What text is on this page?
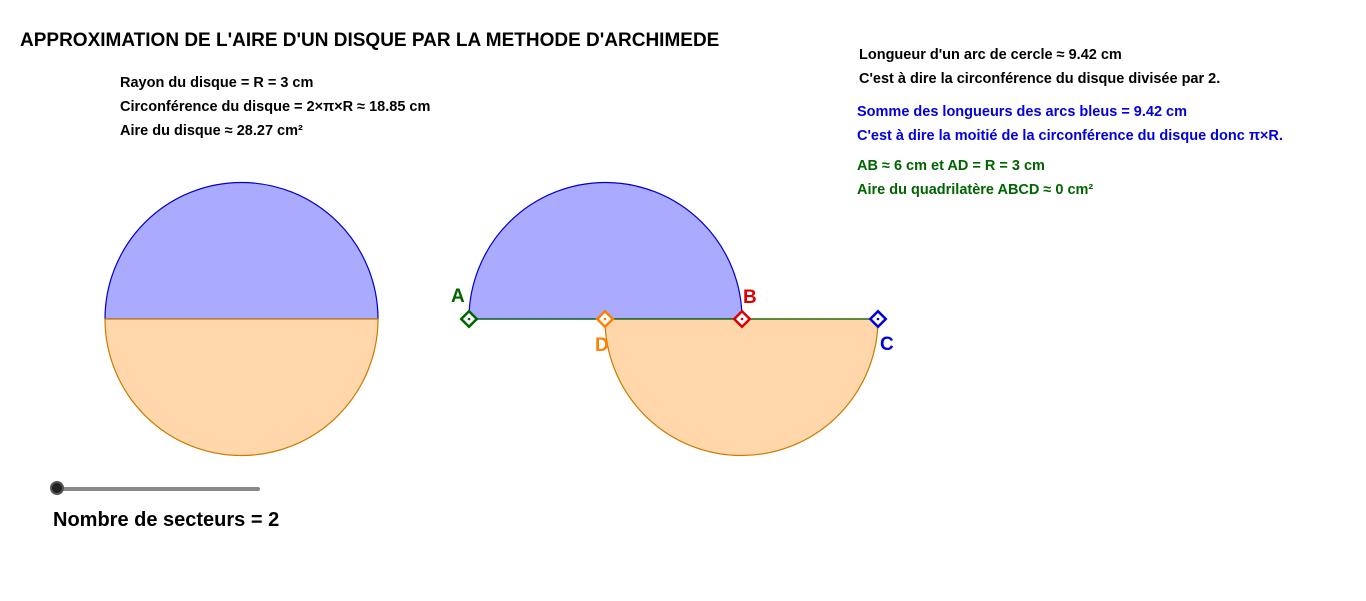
APPROXIMATION DE L'AIRE D'UN DISQUE PAR LA METHODE D'ARCHIMEDE
Rayon du disque = R = 3 cm
Circonférence du disque = 2×π×R ≈ 18.85 cm
Aire du disque ≈ 28.27 cm²
Longueur d'un arc de cercle ≈ 9.42 cm
C'est à dire la circonférence du disque divisée par 2.
Somme des longueurs des arcs bleus = 9.42 cm
C'est à dire la moitié de la circonférence du disque donc π×R.
AB ≈ 6 cm et AD = R = 3 cm
Aire du quadrilatère ABCD ≈ 0 cm²
A	B
C
D
Nombre de secteurs = 2
